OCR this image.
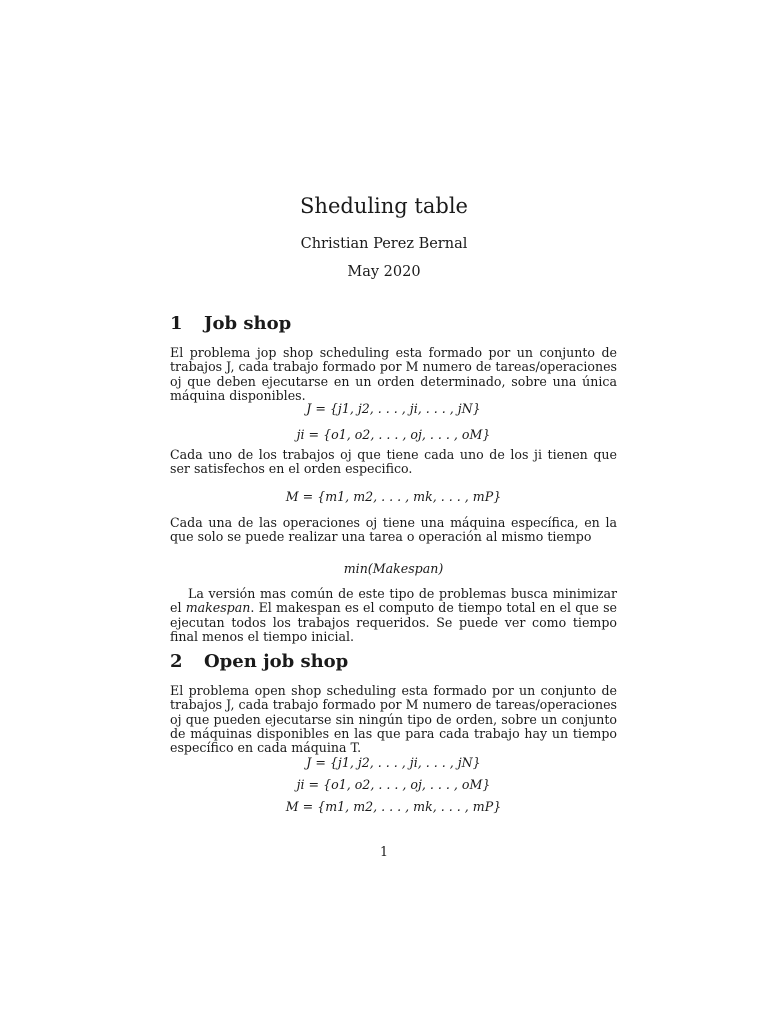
Sheduling table
Christian Perez Bernal
May 2020
1 Job shop
El problema jop shop scheduling esta formado por un conjunto de trabajos J, cada trabajo formado por M numero de tareas/operaciones oj que deben ejecutarse en un orden determinado, sobre una única máquina disponibles.
J = {j1, j2, . . . , ji, . . . , jN}
ji = {o1, o2, . . . , oj, . . . , oM}
Cada uno de los trabajos oj que tiene cada uno de los ji tienen que ser satisfechos en el orden especifico.
M = {m1, m2, . . . , mk, . . . , mP}
Cada una de las operaciones oj tiene una máquina específica, en la que solo se puede realizar una tarea o operación al mismo tiempo
min(Makespan)
La versión mas común de este tipo de problemas busca minimizar el makespan. El makespan es el computo de tiempo total en el que se ejecutan todos los trabajos requeridos. Se puede ver como tiempo final menos el tiempo inicial.
2 Open job shop
El problema open shop scheduling esta formado por un conjunto de trabajos J, cada trabajo formado por M numero de tareas/operaciones oj que pueden ejecutarse sin ningún tipo de orden, sobre un conjunto de máquinas disponibles en las que para cada trabajo hay un tiempo específico en cada máquina T.
J = {j1, j2, . . . , ji, . . . , jN}
ji = {o1, o2, . . . , oj, . . . , oM}
M = {m1, m2, . . . , mk, . . . , mP}
1
